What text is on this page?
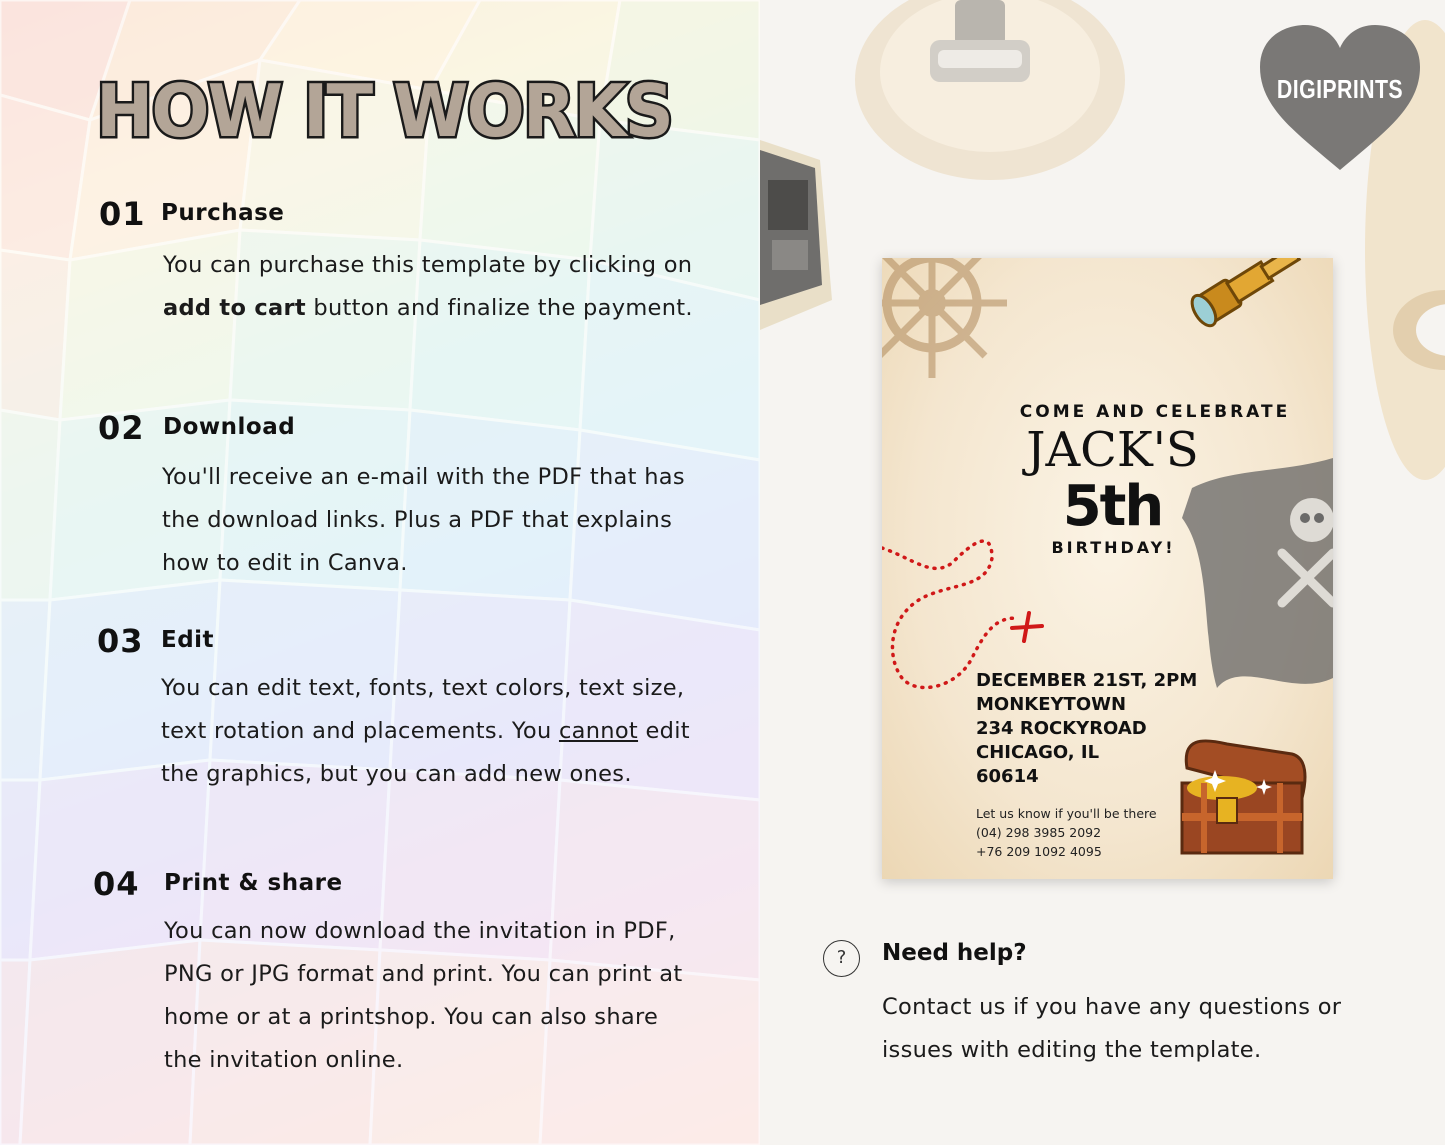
HOW IT WORKS
01 Purchase
You can purchase this template by clicking on add to cart button and finalize the payment.
02 Download
You'll receive an e-mail with the PDF that has the download links. Plus a PDF that explains how to edit in Canva.
03 Edit
You can edit text, fonts, text colors, text size, text rotation and placements. You cannot edit the graphics, but you can add new ones.
04 Print & share
You can now download the invitation in PDF, PNG or JPG format and print. You can print at home or at a printshop. You can also share the invitation online.
DIGIPRINTS
COME AND CELEBRATE
JACK'S
5th
BIRTHDAY!
DECEMBER 21ST, 2PM
MONKEYTOWN
234 ROCKYROAD
CHICAGO, IL
60614
Let us know if you'll be there
(04) 298 3985 2092
+76 209 1092 4095
?	Need help?
Contact us if you have any questions or issues with editing the template.
